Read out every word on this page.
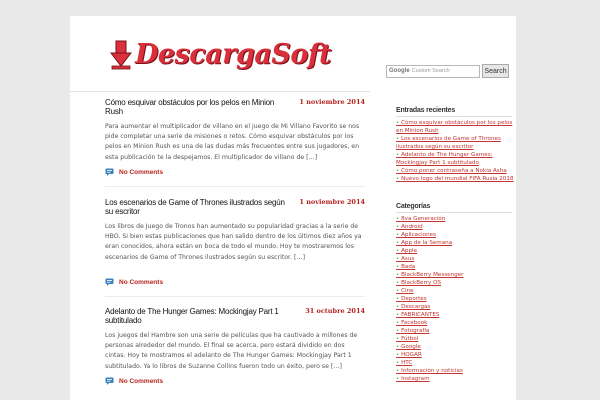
DescargaSoft
Google Custom Search	Search
Cómo esquivar obstáculos por los pelos en Minion Rush
1 noviembre 2014

Para aumentar el multiplicador de villano en el juego de Mi Villano Favorito se nos pide completar una serie de misiones o retos. Cómo esquivar obstáculos por los pelos en Minion Rush es una de las dudas más frecuentes entre sus jugadores, en esta publicación te la despejamos. El multiplicador de villano de […]

No Comments
Los escenarios de Game of Thrones ilustrados según su escritor
1 noviembre 2014

Los libros de Juego de Tronos han aumentado su popularidad gracias a la serie de HBO. Si bien estas publicaciones que han salido dentro de los últimos diez años ya eran conocidos, ahora están en boca de todo el mundo. Hoy te mostraremos los escenarios de Game of Thrones ilustrados según su escritor. […]

No Comments
Adelanto de The Hunger Games: Mockingjay Part 1 subtitulado
31 octubre 2014

Los juegos del Hambre son una serie de películas que ha cautivado a millones de personas alrededor del mundo. El final se acerca, pero estará dividido en dos cintas. Hoy te mostramos el adelanto de The Hunger Games: Mockingjay Part 1 subtitulado. Ya lo libros de Suzanne Collins fueron todo un éxito, pero se […]

No Comments
Entradas recientes
• Cómo esquivar obstáculos por los pelos en Minion Rush
• Los escenarios de Game of Thrones ilustrados según su escritor
• Adelanto de The Hunger Games: Mockingjay Part 1 subtitulado
• Cómo poner contraseña a Nokia Asha
• Nuevo logo del mundial FIFA Rusia 2018
Categorías
• 8va Generación
• Android
• Aplicaciones
• App de la Semana
• Apple
• Asus
• Bada
• BlackBerry Messenger
• BlackBerry OS
• Cine
• Deportes
• Descargas
• FABRICANTES
• Facebook
• Fotografía
• Fútbol
• Google
• HOGAR
• HTC
• Información y noticias
• Instagram
